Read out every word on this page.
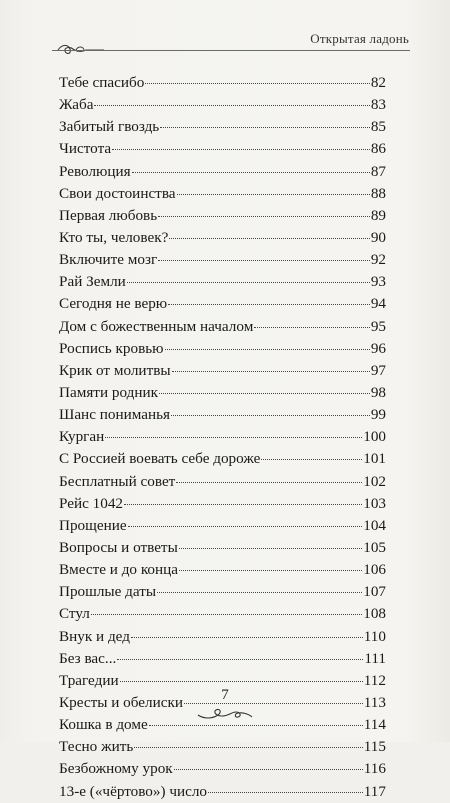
Открытая ладонь
Тебе спасибо	82
Жаба	83
Забитый гвоздь	85
Чистота	86
Революция	87
Свои достоинства	88
Первая любовь	89
Кто ты, человек?	90
Включите мозг	92
Рай Земли	93
Сегодня не верю	94
Дом с божественным началом	95
Роспись кровью	96
Крик от молитвы	97
Памяти родник	98
Шанс пониманья	99
Курган	100
С Россией воевать себе дороже	101
Бесплатный совет	102
Рейс 1042	103
Прощение	104
Вопросы и ответы	105
Вместе и до конца	106
Прошлые даты	107
Стул	108
Внук и дед	110
Без вас...	111
Трагедии	112
Кресты и обелиски	113
Кошка в доме	114
Тесно жить	115
Безбожному урок	116
13-е («чёртово») число	117
7
